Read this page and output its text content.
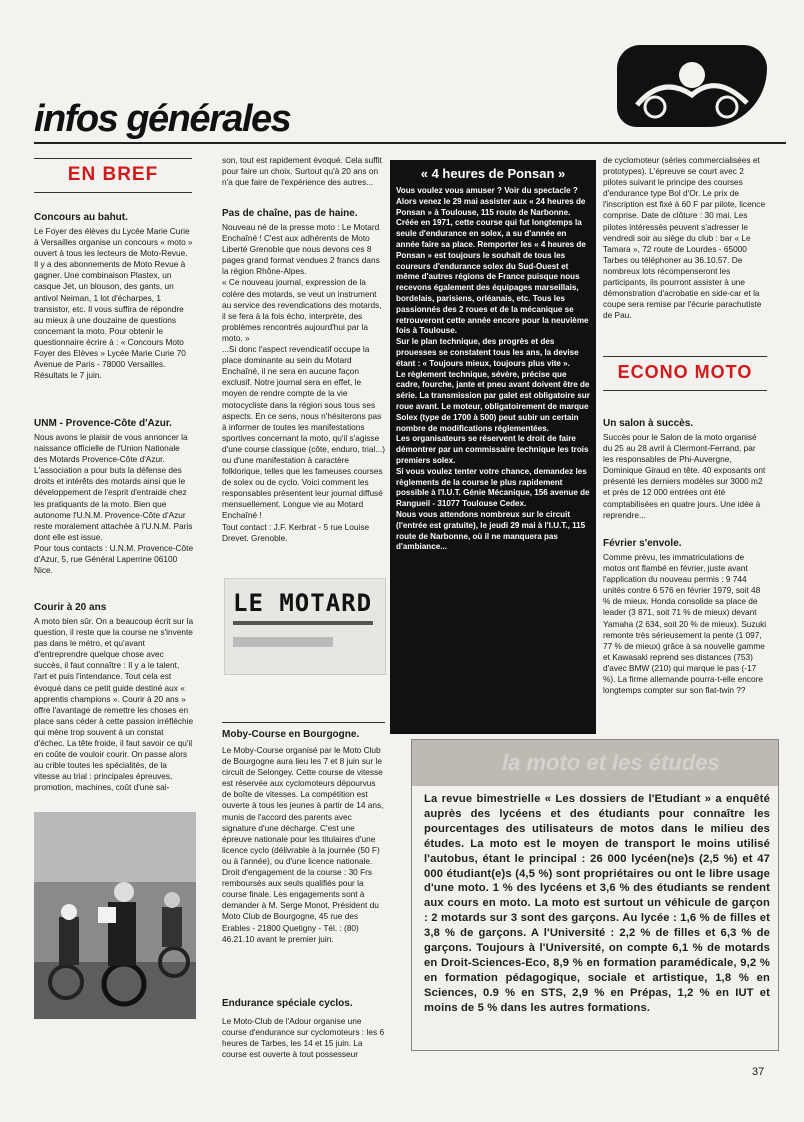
infos générales
infos
EN BREF
Concours au bahut.
Le Foyer des élèves du Lycée Marie Curie à Versailles organise un concours « moto » ouvert à tous les lecteurs de Moto-Revue. Il y a des abonnements de Moto Revue à gagner. Une combinaison Plastex, un casque Jet, un blouson, des gants, un antivol Neiman, 1 lot d'écharpes, 1 transistor, etc. Il vous suffira de répondre au mieux à une douzaine de questions concernant la moto. Pour obtenir le questionnaire écrire à : « Concours Moto Foyer des Elèves » Lycée Marie Curie 70 Avenue de Paris - 78000 Versailles. Résultats le 7 juin.
UNM - Provence-Côte d'Azur.

Nous avons le plaisir de vous annoncer la naissance officielle de l'Union Nationale des Motards Provence-Côte d'Azur. L'association a pour buts la défense des droits et intérêts des motards ainsi que le développement de l'esprit d'entraide chez les pratiquants de la moto. Bien que autonome l'U.N.M. Provence-Côte d'Azur reste moralement attachée à l'U.N.M. Paris dont elle est issue.

Pour tous contacts : U.N.M. Provence-Côte d'Azur, 5, rue Général Laperrine 06100 Nice.

Courir à 20 ans
A moto bien sûr. On a beaucoup écrit sur la question, il reste que la course ne s'invente pas dans le métro, et qu'avant d'entreprendre quelque chose avec succès, il faut connaître : Il y a le talent, l'art et puis l'intendance. Tout cela est évoqué dans ce petit guide destiné aux « apprentis champions ». Courir à 20 ans » offre l'avantage de remettre les choses en place sans céder à cette passion irréfléchie qui mène trop souvent à un constat d'échec. La tête froide, il faut savoir ce qu'il en coûte de vouloir courir. On passe alors au crible toutes les spécialités, de la vitesse au trial : principales épreuves, promotion, machines, coût d'une sai-
son, tout est rapidement évoqué. Cela suffit pour faire un choix. Surtout qu'à 20 ans on n'a que faire de l'expérience des autres...
Pas de chaîne, pas de haine.

Nouveau né de la presse moto : Le Motard Enchaîné ! C'est aux adhérents de Moto Liberté Grenoble que nous devons ces 8 pages grand format vendues 2 francs dans la région Rhône-Alpes.

« Ce nouveau journal, expression de la colère des motards, se veut un instrument au service des revendications des motards, il se fera à la fois écho, interprète, des problèmes rencontrés aujourd'hui par la moto. »

...Si donc l'aspect revendicatif occupe la place dominante au sein du Motard Enchaîné, il ne sera en aucune façon exclusif. Notre journal sera en effet, le moyen de rendre compte de la vie motocycliste dans la région sous tous ses aspects. En ce sens, nous n'hésiterons pas à informer de toutes les manifestations sportives concernant la moto, qu'il s'agisse d'une course classique (côte, enduro, trial...) ou d'une manifestation à caractère folklorique, telles que les fameuses courses de solex ou de cyclo. Voici comment les responsables présentent leur journal diffusé mensuellement. Longue vie au Motard Enchaîné !

Tout contact : J.F. Kerbrat - 5 rue Louise Drevet. Grenoble.

LE MOTARD
Moby-Course en Bourgogne.
Le Moby-Course organisé par le Moto Club de Bourgogne aura lieu les 7 et 8 juin sur le circuit de Selongey. Cette course de vitesse est réservée aux cyclomoteurs dépourvus de boîte de vitesses. La compétition est ouverte à tous les jeunes à partir de 14 ans, munis de l'accord des parents avec signature d'une décharge. C'est une épreuve nationale pour les titulaires d'une licence cyclo (délivrable à la journée (50 F) ou à l'année), ou d'une licence nationale. Droit d'engagement de la course : 30 Frs remboursés aux seuls qualifiés pour la course finale. Les engagements sont à demander à M. Serge Monot, Président du Moto Club de Bourgogne, 45 rue des Erables - 21800 Quetigny - Tél. : (80) 46.21.10 avant le premier juin.
Endurance spéciale cyclos.
Le Moto-Club de l'Adour organise une course d'endurance sur cyclomoteurs : les 6 heures de Tarbes, les 14 et 15 juin. La course est ouverte à tout possesseur
« 4 heures de Ponsan »

Vous voulez vous amuser ? Voir du spectacle ? Alors venez le 29 mai assister aux « 24 heures de Ponsan » à Toulouse, 115 route de Narbonne.

Créée en 1971, cette course qui fut longtemps la seule d'endurance en solex, a su d'année en année faire sa place. Remporter les « 4 heures de Ponsan » est toujours le souhait de tous les coureurs d'endurance solex du Sud-Ouest et même d'autres régions de France puisque nous recevons également des équipages marseillais, bordelais, parisiens, orléanais, etc. Tous les passionnés des 2 roues et de la mécanique se retrouveront cette année encore pour la neuvième fois à Toulouse.

Sur le plan technique, des progrès et des prouesses se constatent tous les ans, la devise étant : « Toujours mieux, toujours plus vite ».

Le règlement technique, sévère, précise que cadre, fourche, jante et pneu avant doivent être de série. La transmission par galet est obligatoire sur roue avant. Le moteur, obligatoirement de marque Solex (type de 1700 à 500) peut subir un certain nombre de modifications réglementées.

Les organisateurs se réservent le droit de faire démontrer par un commissaire technique les trois premiers solex.

Si vous voulez tenter votre chance, demandez les règlements de la course le plus rapidement possible à l'I.U.T. Génie Mécanique, 156 avenue de Rangueil - 31077 Toulouse Cedex.

Nous vous attendons nombreux sur le circuit (l'entrée est gratuite), le jeudi 29 mai à l'I.U.T., 115 route de Narbonne, où il ne manquera pas d'ambiance...

de cyclomoteur (séries commercialisées et prototypes). L'épreuve se court avec 2 pilotes suivant le principe des courses d'endurance type Bol d'Or. Le prix de l'inscription est fixé à 60 F par pilote, licence comprise. Date de clôture : 30 mai. Les pilotes intéressés peuvent s'adresser le vendredi soir au siège du club : bar « Le Tamara », 72 route de Lourdes - 65000 Tarbes ou téléphoner au 36.10.57. De nombreux lots récompenseront les participants, ils pourront assister à une démonstration d'acrobatie en side-car et la coupe sera remise par l'écurie parachutiste de Pau.
ECONO MOTO
Un salon à succès.
Succès pour le Salon de la moto organisé du 25 au 28 avril à Clermont-Ferrand, par les responsables de Phi-Auvergne, Dominique Giraud en tête. 40 exposants ont présenté les derniers modèles sur 3000 m2 et près de 12 000 entrées ont été comptabilisées en quatre jours. Une idée à reprendre...
Février s'envole.
Comme prévu, les immatriculations de motos ont flambé en février, juste avant l'application du nouveau permis : 9 744 unités contre 6 576 en février 1979, soit 48 % de mieux. Honda consolide sa place de leader (3 871, soit 71 % de mieux) devant Yamaha (2 634, soit 20 % de mieux). Suzuki remonte très sérieusement la pente (1 097, 77 % de mieux) grâce à sa nouvelle gamme et Kawasaki reprend ses distances (753) d'avec BMW (210) qui marque le pas (-17 %). La firme allemande pourra-t-elle encore longtemps compter sur son flat-twin ??
la moto et les études
La revue bimestrielle « Les dossiers de l'Etudiant » a enquêté auprès des lycéens et des étudiants pour connaître les pourcentages des utilisateurs de motos dans le milieu des études. La moto est le moyen de transport le moins utilisé l'autobus, étant le principal : 26 000 lycéen(ne)s (2,5 %) et 47 000 étudiant(e)s (4,5 %) sont propriétaires ou ont le libre usage d'une moto. 1 % des lycéens et 3,6 % des étudiants se rendent aux cours en moto. La moto est surtout un véhicule de garçon : 2 motards sur 3 sont des garçons. Au lycée : 1,6 % de filles et 3,8 % de garçons. A l'Université : 2,2 % de filles et 6,3 % de garçons. Toujours à l'Université, on compte 6,1 % de motards en Droit-Sciences-Eco, 8,9 % en formation paramédicale, 9,2 % en formation pédagogique, sociale et artistique, 1,8 % en Sciences, 0.9 % en STS, 2,9 % en Prépas, 1,2 % en IUT et moins de 5 % dans les autres formations.
37
